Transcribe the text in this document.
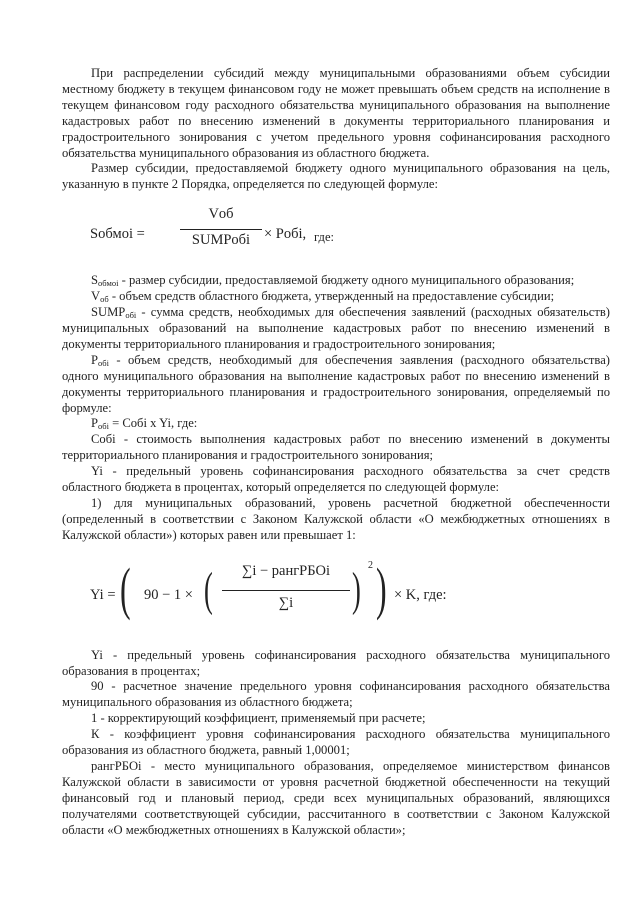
При распределении субсидий между муниципальными образованиями объем субсидии местному бюджету в текущем финансовом году не может превышать объем средств на исполнение в текущем финансовом году расходного обязательства муниципального образования на выполнение кадастровых работ по внесению изменений в документы территориального планирования и градостроительного зонирования с учетом предельного уровня софинансирования расходного обязательства муниципального образования из областного бюджета.

Размер субсидии, предоставляемой бюджету одного муниципального образования на цель, указанную в пункте 2 Порядка, определяется по следующей формуле:

Sобмоi =
Vоб
SUMPобi × Pобi, где:

$S_{обмоi}$ - размер субсидии, предоставляемой бюджету одного муниципального образования;

$V_{об}$ - объем средств областного бюджета, утвержденный на предоставление субсидии;

$SUMP_{обi}$ - сумма средств, необходимых для обеспечения заявлений (расходных обязательств) муниципальных образований на выполнение кадастровых работ по внесению изменений в документы территориального планирования и градостроительного зонирования;

$P_{обi}$ - объем средств, необходимый для обеспечения заявления (расходного обязательства) одного муниципального образования на выполнение кадастровых работ по внесению изменений в документы территориального планирования и градостроительного зонирования, определяемый по формуле:

$P_{обi}$ = Cобi x Yi, где:

Cобi - стоимость выполнения кадастровых работ по внесению изменений в документы территориального планирования и градостроительного зонирования;

Yi - предельный уровень софинансирования расходного обязательства за счет средств областного бюджета в процентах, который определяется по следующей формуле:

1) для муниципальных образований, уровень расчетной бюджетной обеспеченности (определенный в соответствии с Законом Калужской области «О межбюджетных отношениях в Калужской области») которых равен или превышает 1:

Yi = ( 90 − 1 × (	∑i − рангРБОi
∑i	) 2 ) × K, где:

Yi - предельный уровень софинансирования расходного обязательства муниципального образования в процентах;

90 - расчетное значение предельного уровня софинансирования расходного обязательства муниципального образования из областного бюджета;

1 - корректирующий коэффициент, применяемый при расчете;

К - коэффициент уровня софинансирования расходного обязательства муниципального образования из областного бюджета, равный 1,00001;

рангРБОi - место муниципального образования, определяемое министерством финансов Калужской области в зависимости от уровня расчетной бюджетной обеспеченности на текущий финансовый год и плановый период, среди всех муниципальных образований, являющихся получателями соответствующей субсидии, рассчитанного в соответствии с Законом Калужской области «О межбюджетных отношениях в Калужской области»;
